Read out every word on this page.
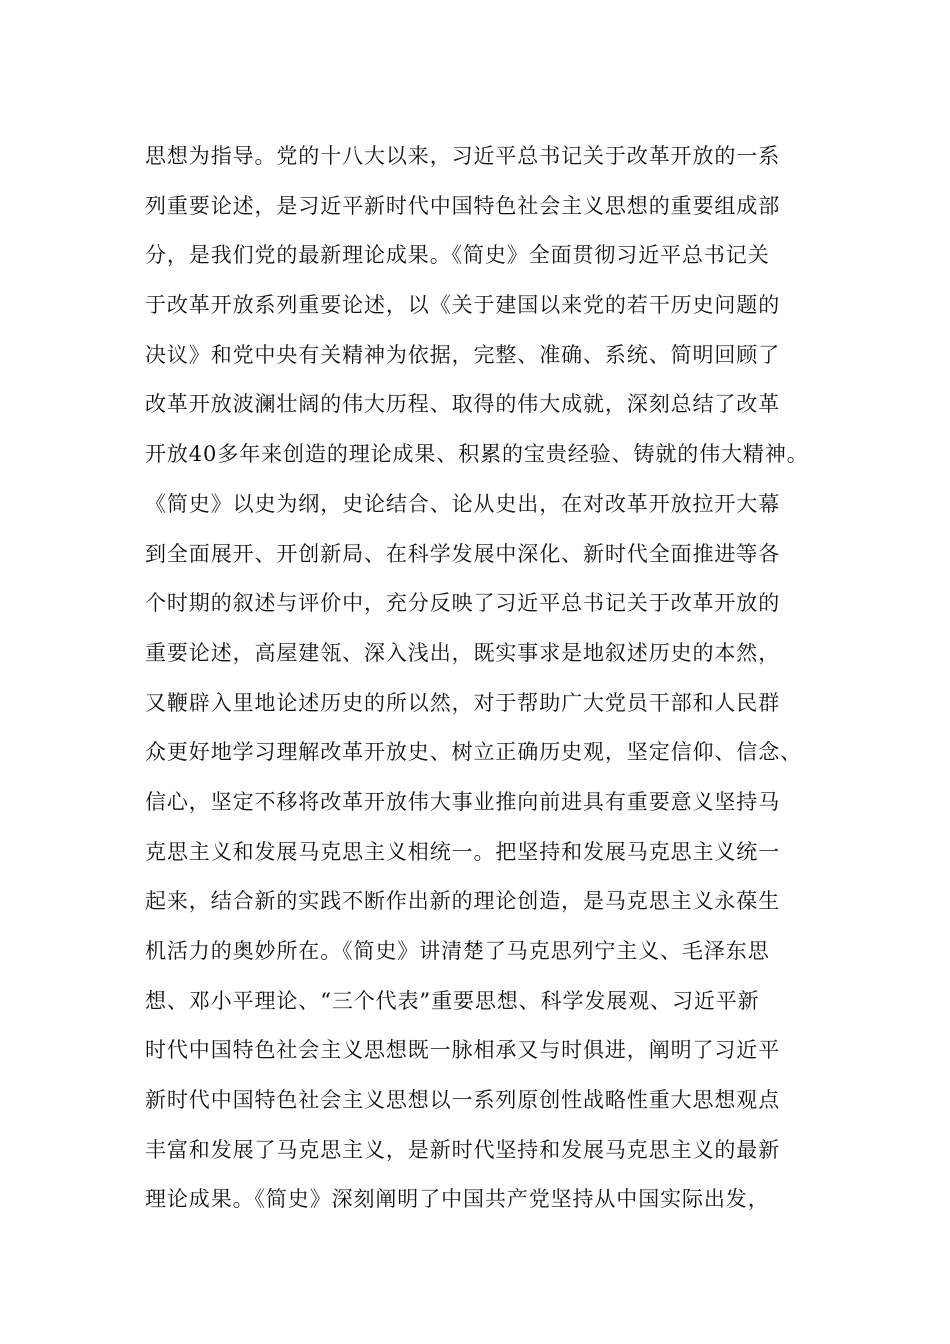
思想为指导。党的十八大以来，习近平总书记关于改革开放的一系
列重要论述，是习近平新时代中国特色社会主义思想的重要组成部
分，是我们党的最新理论成果。《简史》全面贯彻习近平总书记关
于改革开放系列重要论述，以《关于建国以来党的若干历史问题的
决议》和党中央有关精神为依据，完整、准确、系统、简明回顾了
改革开放波澜壮阔的伟大历程、取得的伟大成就，深刻总结了改革
开放40多年来创造的理论成果、积累的宝贵经验、铸就的伟大精神。
《简史》以史为纲，史论结合、论从史出，在对改革开放拉开大幕
到全面展开、开创新局、在科学发展中深化、新时代全面推进等各
个时期的叙述与评价中，充分反映了习近平总书记关于改革开放的
重要论述，高屋建瓴、深入浅出，既实事求是地叙述历史的本然，
又鞭辟入里地论述历史的所以然，对于帮助广大党员干部和人民群
众更好地学习理解改革开放史、树立正确历史观，坚定信仰、信念、
信心，坚定不移将改革开放伟大事业推向前进具有重要意义坚持马
克思主义和发展马克思主义相统一。把坚持和发展马克思主义统一
起来，结合新的实践不断作出新的理论创造，是马克思主义永葆生
机活力的奥妙所在。《简史》讲清楚了马克思列宁主义、毛泽东思
想、邓小平理论、“三个代表”重要思想、科学发展观、习近平新
时代中国特色社会主义思想既一脉相承又与时俱进，阐明了习近平
新时代中国特色社会主义思想以一系列原创性战略性重大思想观点
丰富和发展了马克思主义，是新时代坚持和发展马克思主义的最新
理论成果。《简史》深刻阐明了中国共产党坚持从中国实际出发，
